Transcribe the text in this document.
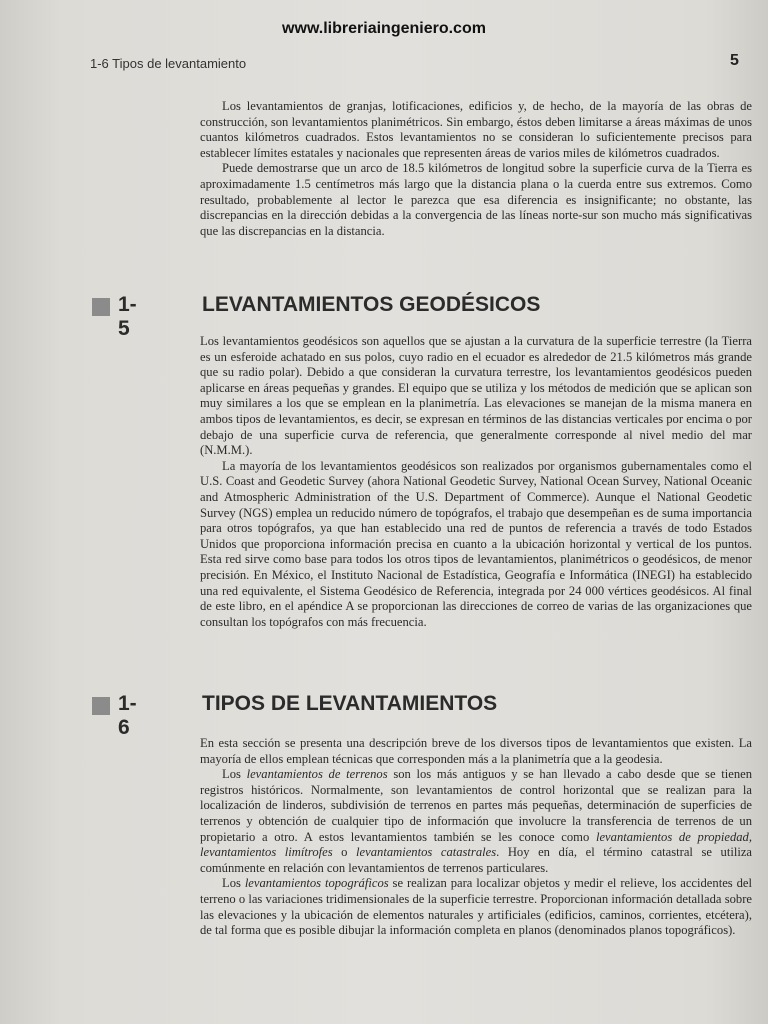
www.libreriaingeniero.com
1-6 Tipos de levantamiento	5

Los levantamientos de granjas, lotificaciones, edificios y, de hecho, de la mayoría de las obras de construcción, son levantamientos planimétricos. Sin embargo, éstos deben limitarse a áreas máximas de unos cuantos kilómetros cuadrados. Estos levantamientos no se consideran lo suficientemente precisos para establecer límites estatales y nacionales que representen áreas de varios miles de kilómetros cuadrados.

Puede demostrarse que un arco de 18.5 kilómetros de longitud sobre la superficie curva de la Tierra es aproximadamente 1.5 centímetros más largo que la distancia plana o la cuerda entre sus extremos. Como resultado, probablemente al lector le parezca que esa diferencia es insignificante; no obstante, las discrepancias en la dirección debidas a la convergencia de las líneas norte-sur son mucho más significativas que las discrepancias en la distancia.

1-5
LEVANTAMIENTOS GEODÉSICOS

Los levantamientos geodésicos son aquellos que se ajustan a la curvatura de la superficie terrestre (la Tierra es un esferoide achatado en sus polos, cuyo radio en el ecuador es alrededor de 21.5 kilómetros más grande que su radio polar). Debido a que consideran la curvatura terrestre, los levantamientos geodésicos pueden aplicarse en áreas pequeñas y grandes. El equipo que se utiliza y los métodos de medición que se aplican son muy similares a los que se emplean en la planimetría. Las elevaciones se manejan de la misma manera en ambos tipos de levantamientos, es decir, se expresan en términos de las distancias verticales por encima o por debajo de una superficie curva de referencia, que generalmente corresponde al nivel medio del mar (N.M.M.).

La mayoría de los levantamientos geodésicos son realizados por organismos gubernamentales como el U.S. Coast and Geodetic Survey (ahora National Geodetic Survey, National Ocean Survey, National Oceanic and Atmospheric Administration of the U.S. Department of Commerce). Aunque el National Geodetic Survey (NGS) emplea un reducido número de topógrafos, el trabajo que desempeñan es de suma importancia para otros topógrafos, ya que han establecido una red de puntos de referencia a través de todo Estados Unidos que proporciona información precisa en cuanto a la ubicación horizontal y vertical de los puntos. Esta red sirve como base para todos los otros tipos de levantamientos, planimétricos o geodésicos, de menor precisión. En México, el Instituto Nacional de Estadística, Geografía e Informática (INEGI) ha establecido una red equivalente, el Sistema Geodésico de Referencia, integrada por 24 000 vértices geodésicos. Al final de este libro, en el apéndice A se proporcionan las direcciones de correo de varias de las organizaciones que consultan los topógrafos con más frecuencia.

1-6
TIPOS DE LEVANTAMIENTOS

En esta sección se presenta una descripción breve de los diversos tipos de levantamientos que existen. La mayoría de ellos emplean técnicas que corresponden más a la planimetría que a la geodesia.

Los levantamientos de terrenos son los más antiguos y se han llevado a cabo desde que se tienen registros históricos. Normalmente, son levantamientos de control horizontal que se realizan para la localización de linderos, subdivisión de terrenos en partes más pequeñas, determinación de superficies de terrenos y obtención de cualquier tipo de información que involucre la transferencia de terrenos de un propietario a otro. A estos levantamientos también se les conoce como levantamientos de propiedad, levantamientos limítrofes o levantamientos catastrales. Hoy en día, el término catastral se utiliza comúnmente en relación con levantamientos de terrenos particulares.

Los levantamientos topográficos se realizan para localizar objetos y medir el relieve, los accidentes del terreno o las variaciones tridimensionales de la superficie terrestre. Proporcionan información detallada sobre las elevaciones y la ubicación de elementos naturales y artificiales (edificios, caminos, corrientes, etcétera), de tal forma que es posible dibujar la información completa en planos (denominados planos topográficos).
